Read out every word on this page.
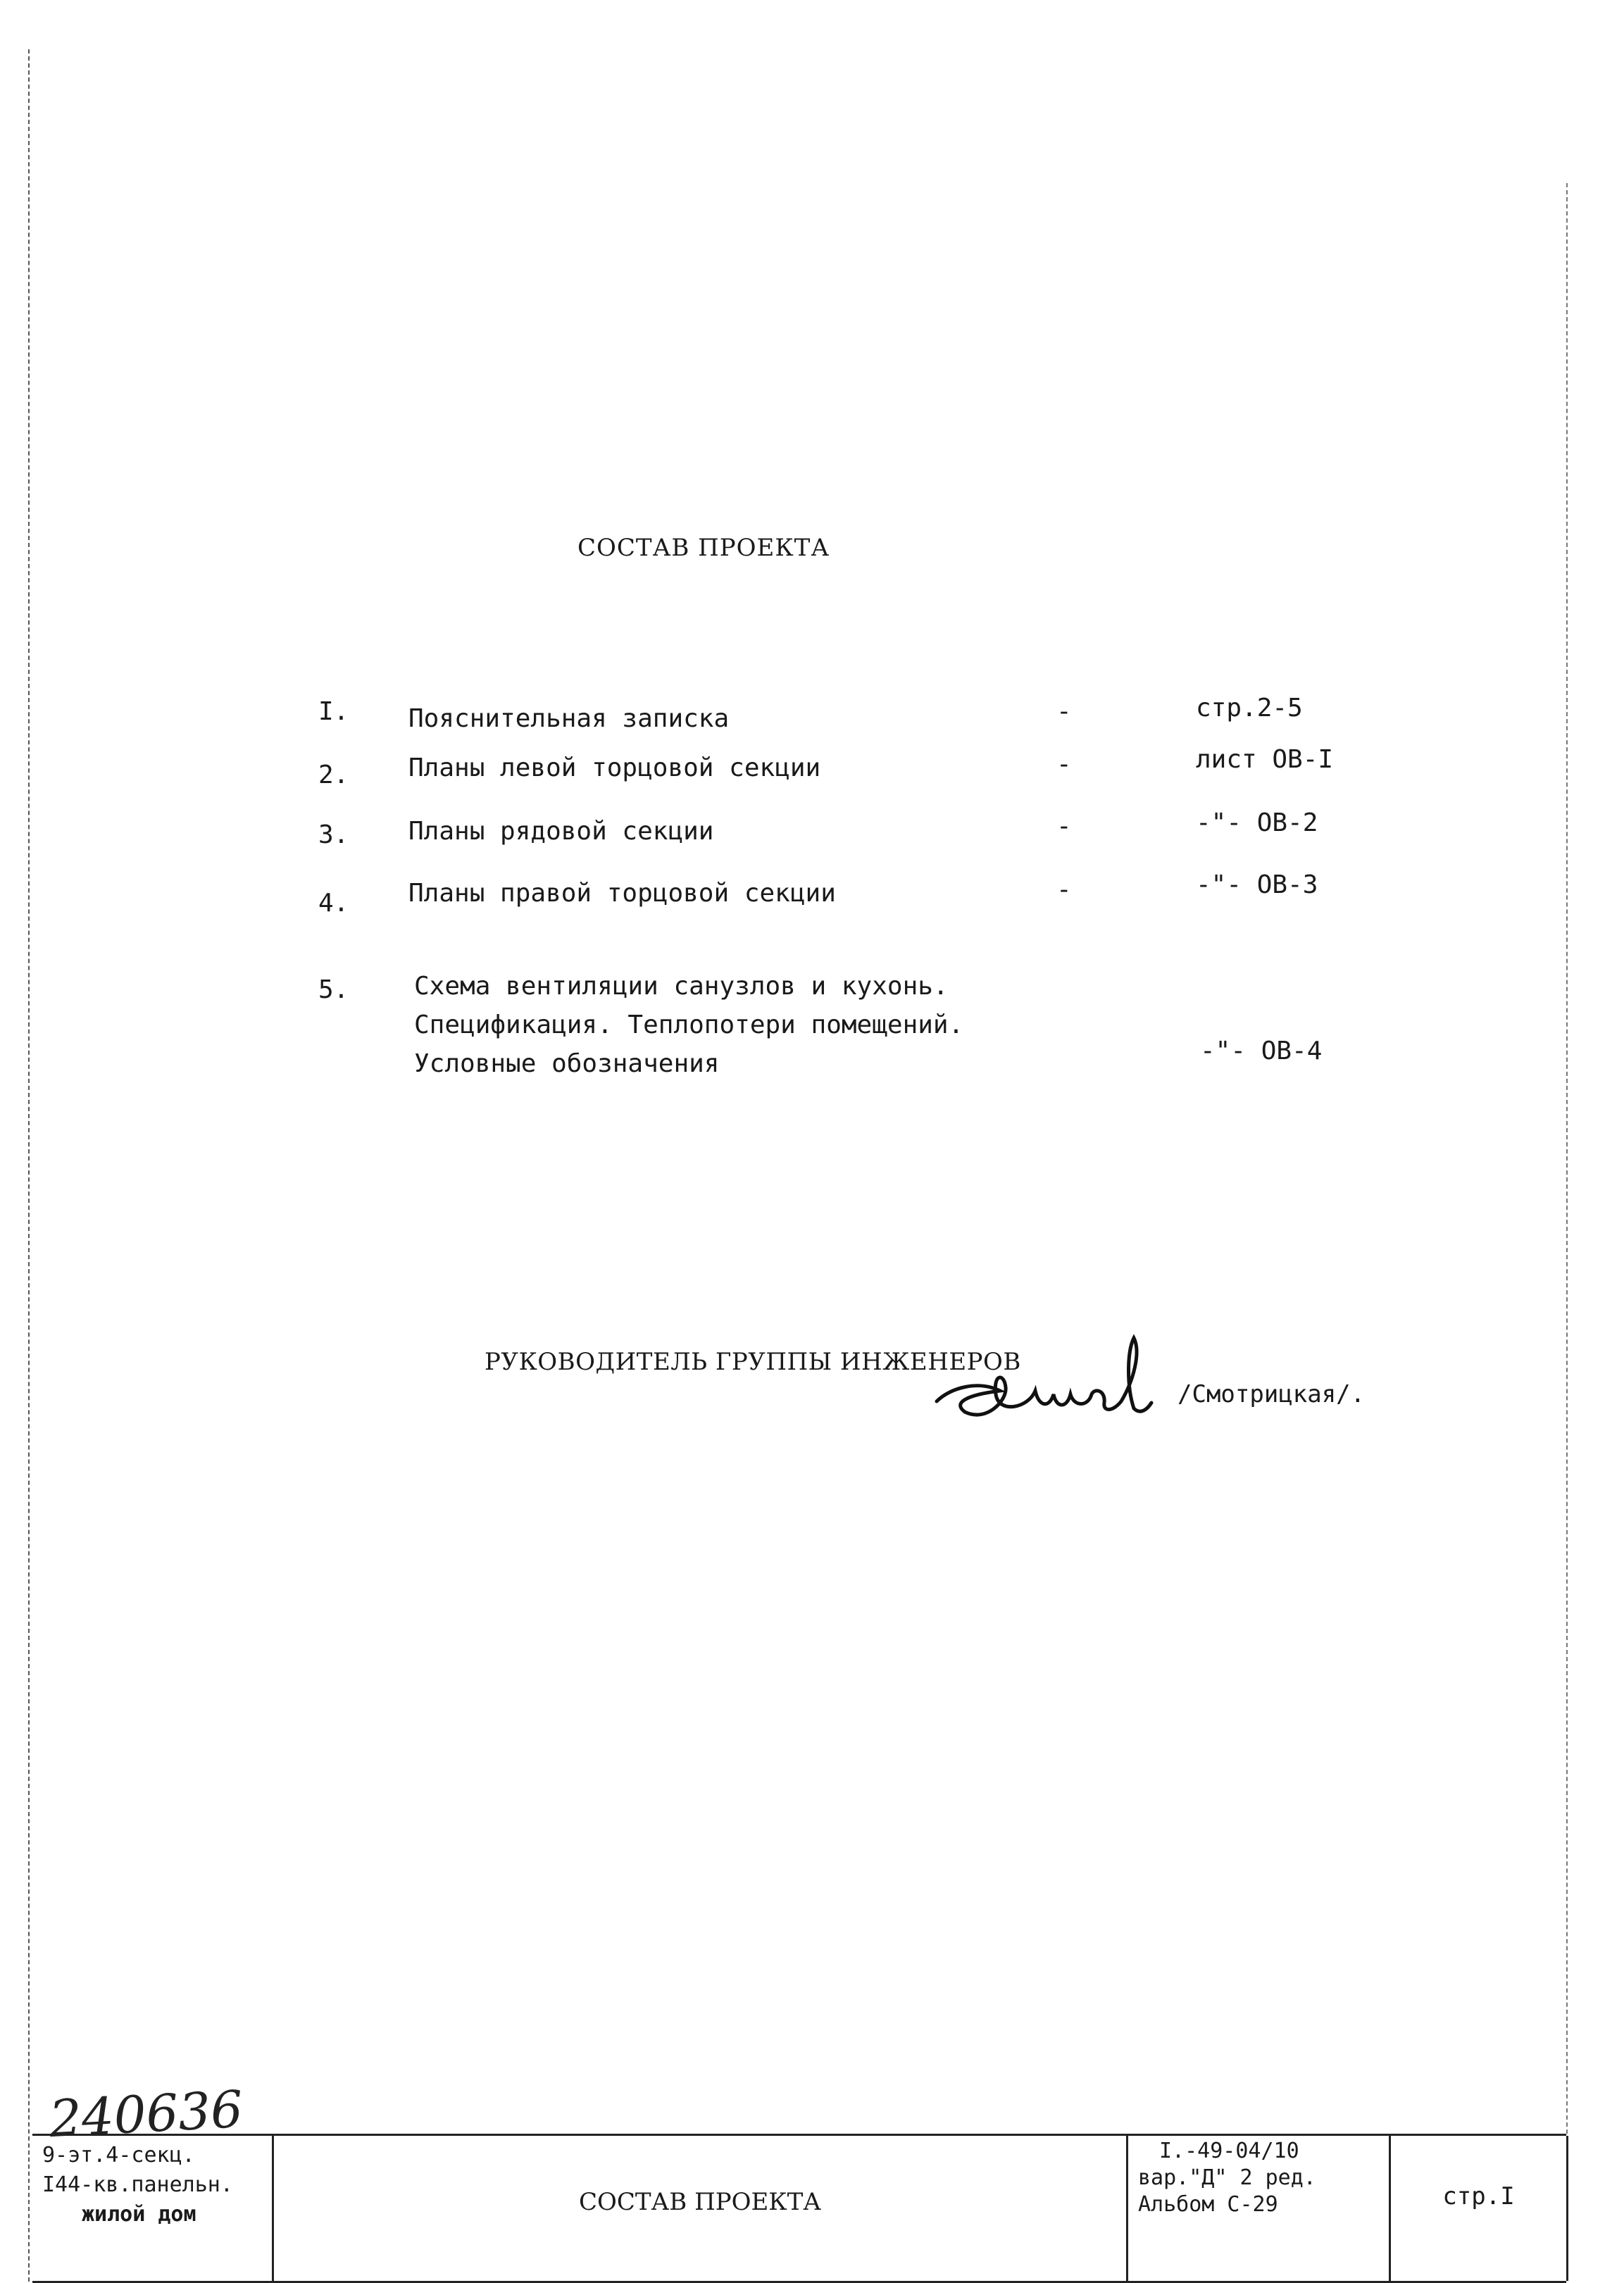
СОСТАВ ПРОЕКТА
I. Пояснительная записка	-	стр.2-5
2. Планы левой торцовой секции	-	лист ОВ-I
3. Планы рядовой секции	-	-"- ОВ-2
4. Планы правой торцовой секции	-	-"- ОВ-3
5.	Схема вентиляции санузлов и кухонь.
Спецификация. Теплопотери помещений.
Условные обозначения	-"- ОВ-4
РУКОВОДИТЕЛЬ ГРУППЫ ИНЖЕНЕРОВ
/Смотрицкая/.
240636
9-эт.4-секц.
I44-кв.панельн.
жилой дом	СОСТАВ ПРОЕКТА
I.-49-04/10
вар."Д" 2 ред.
Альбом С-29	стр.I
